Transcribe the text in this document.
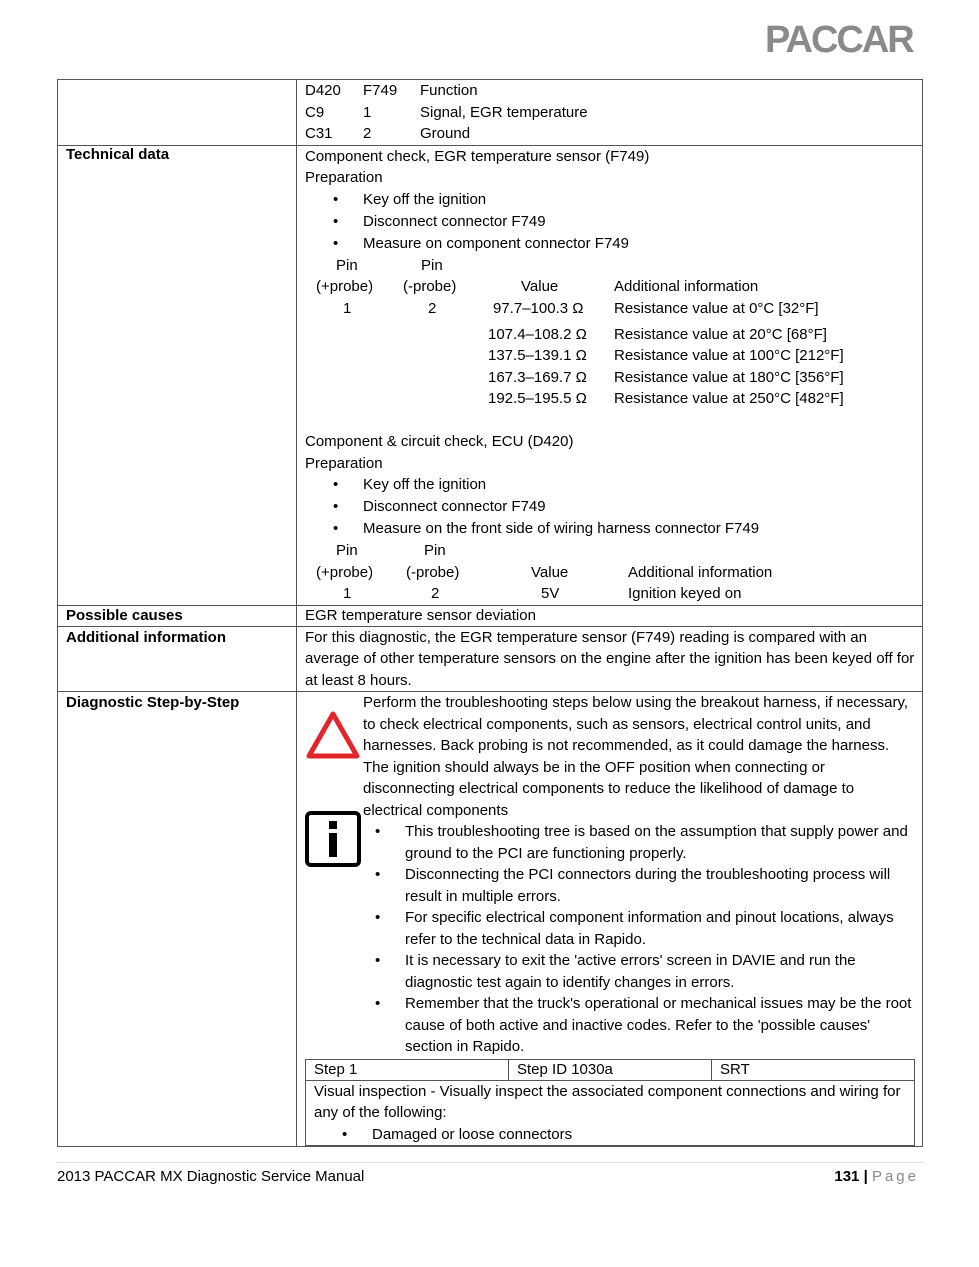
PACCAR

D420 F749 Function
C9	1	Signal, EGR temperature
C31 2	Ground

Technical data	Component check, EGR temperature sensor (F749)
Preparation
• Key off the ignition
• Disconnect connector F749
• Measure on component connector F749
Pin	Pin
(+probe) (-probe)	Value	Additional information
1	2	97.7–100.3 Ω Resistance value at 0°C [32°F]
107.4–108.2 Ω Resistance value at 20°C [68°F]
137.5–139.1 Ω Resistance value at 100°C [212°F]
167.3–169.7 Ω Resistance value at 180°C [356°F]
192.5–195.5 Ω Resistance value at 250°C [482°F]
Component & circuit check, ECU (D420)
Preparation
• Key off the ignition
• Disconnect connector F749
• Measure on the front side of wiring harness connector F749
Pin	Pin
(+probe) (-probe)	Value	Additional information
1	2	5V	Ignition keyed on

Possible causes	EGR temperature sensor deviation
Additional information	For this diagnostic, the EGR temperature sensor (F749) reading is compared with an average of other temperature sensors on the engine after the ignition has been keyed off for at least 8 hours.
Diagnostic Step-by-Step	Perform the troubleshooting steps below using the breakout harness, if necessary, to check electrical components, such as sensors, electrical control units, and harnesses. Back probing is not recommended, as it could damage the harness. The ignition should always be in the OFF position when connecting or disconnecting electrical components to reduce the likelihood of damage to electrical components
• This troubleshooting tree is based on the assumption that supply power and ground to the PCI are functioning properly.
• Disconnecting the PCI connectors during the troubleshooting process will result in multiple errors.
• For specific electrical component information and pinout locations, always refer to the technical data in Rapido.
• It is necessary to exit the 'active errors' screen in DAVIE and run the diagnostic test again to identify changes in errors.
• Remember that the truck's operational or mechanical issues may be the root cause of both active and inactive codes. Refer to the 'possible causes' section in Rapido.
Step 1	Step ID 1030a	SRT

Visual inspection - Visually inspect the associated component connections and wiring for any of the following:
• Damaged or loose connectors
2013 PACCAR MX Diagnostic Service Manual	131 | Page
